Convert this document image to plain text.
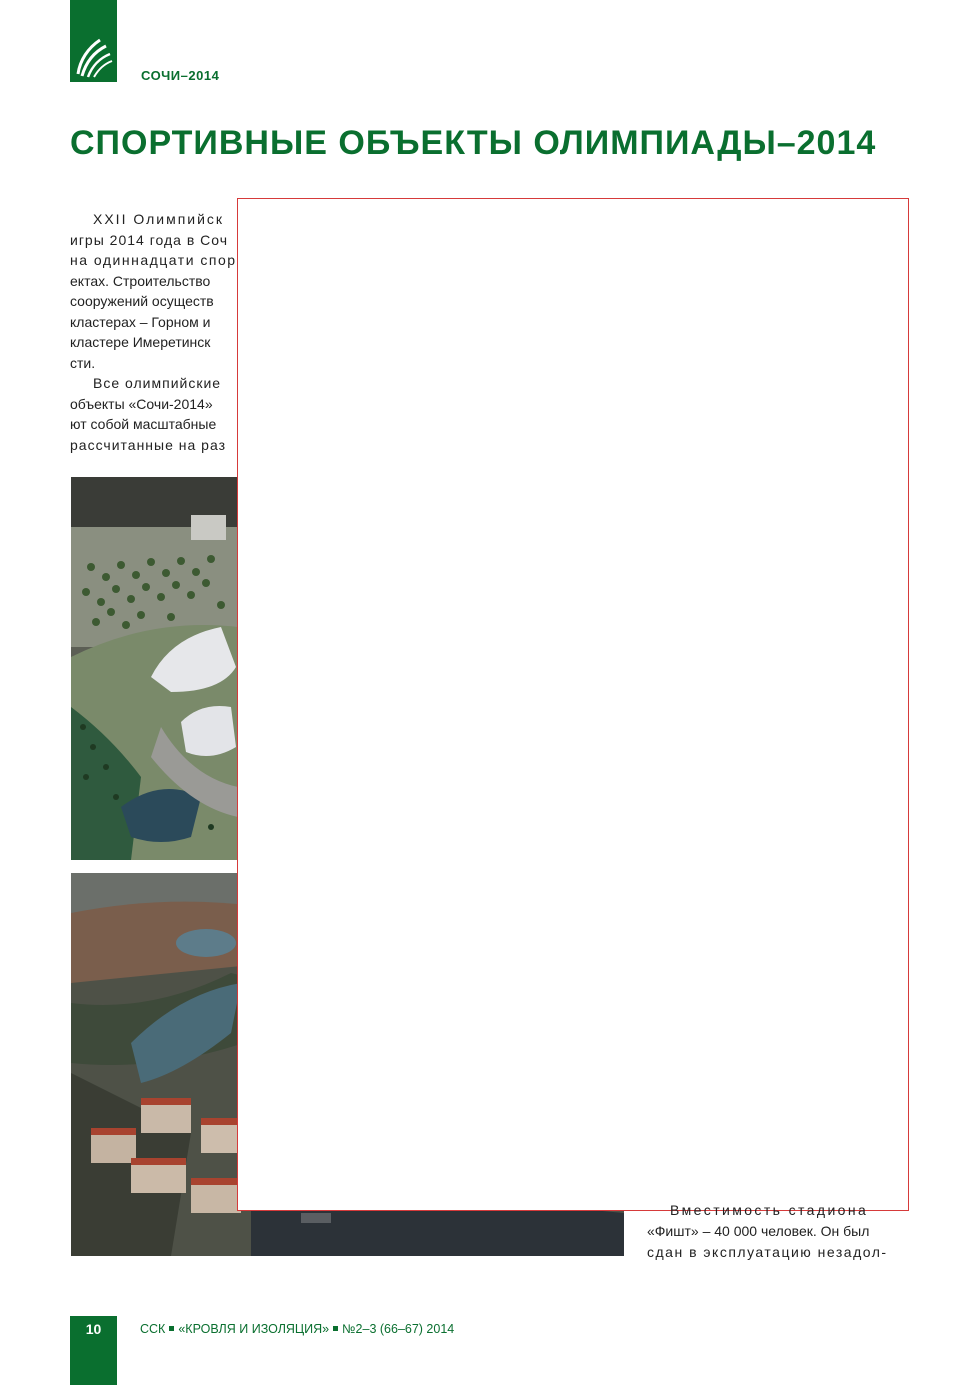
СОЧИ–2014
СПОРТИВНЫЕ ОБЪЕКТЫ ОЛИМПИАДЫ–2014
XXII Олимпийск
игры 2014 года в Соч
на одиннадцати спор
ектах. Строительство
сооружений осуществ
кластерах – Горном и
кластере Имеретинск
сти.
Все олимпийские
объекты «Сочи-2014»
ют собой масштабные
рассчитанные на раз
Вместимость стадиона
«Фишт» – 40 000 человек. Он был
сдан в эксплуатацию незадол-
10	ССК «КРОВЛЯ И ИЗОЛЯЦИЯ» №2–3 (66–67) 2014
